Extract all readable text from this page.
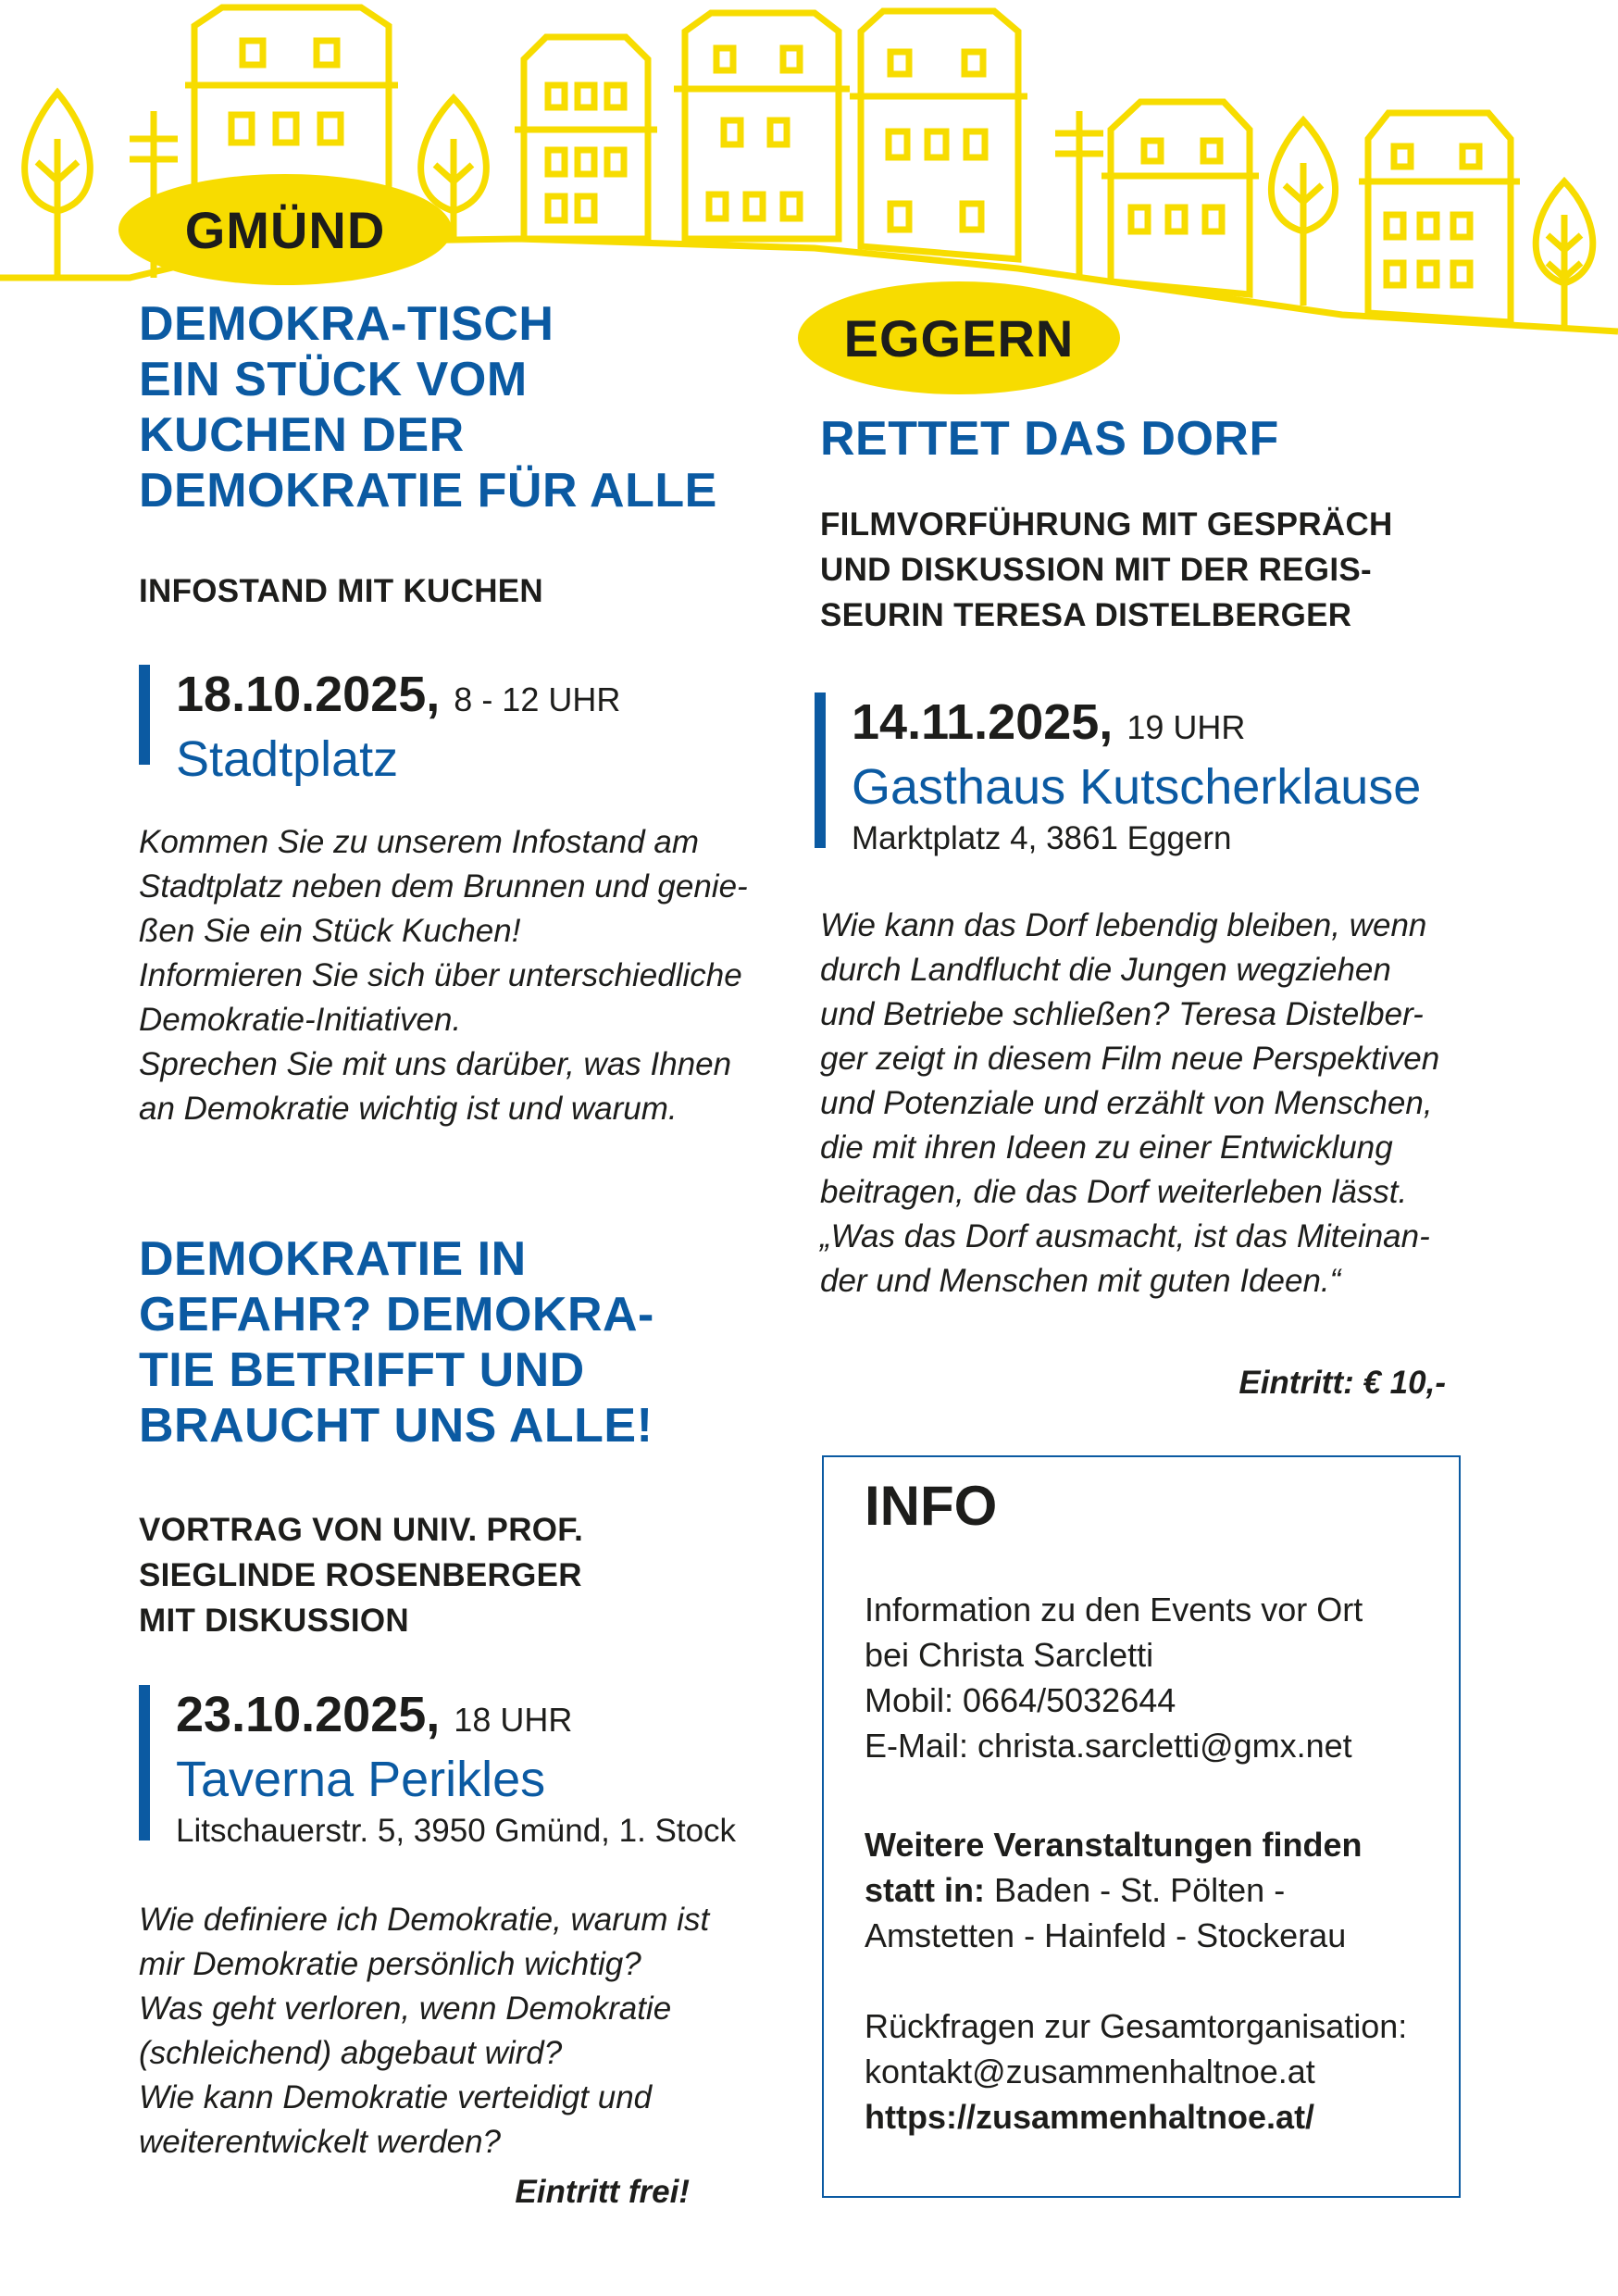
GMÜND
DEMOKRA-TISCH
EIN STÜCK VOM
KUCHEN DER
DEMOKRATIE FÜR ALLE

INFOSTAND MIT KUCHEN

18.10.2025, 8 - 12 UHR
Stadtplatz

Kommen Sie zu unserem Infostand am
Stadtplatz neben dem Brunnen und genie-
ßen Sie ein Stück Kuchen!
Informieren Sie sich über unterschiedliche
Demokratie-Initiativen.
Sprechen Sie mit uns darüber, was Ihnen
an Demokratie wichtig ist und warum.

DEMOKRATIE IN
GEFAHR? DEMOKRA-
TIE BETRIFFT UND
BRAUCHT UNS ALLE!

VORTRAG VON UNIV. PROF.
SIEGLINDE ROSENBERGER
MIT DISKUSSION

23.10.2025, 18 UHR
Taverna Perikles
Litschauerstr. 5, 3950 Gmünd, 1. Stock

Wie definiere ich Demokratie, warum ist
mir Demokratie persönlich wichtig?
Was geht verloren, wenn Demokratie
(schleichend) abgebaut wird?
Wie kann Demokratie verteidigt und
weiterentwickelt werden?

Eintritt frei!
EGGERN
RETTET DAS DORF

FILMVORFÜHRUNG MIT GESPRÄCH
UND DISKUSSION MIT DER REGIS-
SEURIN TERESA DISTELBERGER

14.11.2025, 19 UHR
Gasthaus Kutscherklause
Marktplatz 4, 3861 Eggern

Wie kann das Dorf lebendig bleiben, wenn
durch Landflucht die Jungen wegziehen
und Betriebe schließen? Teresa Distelber-
ger zeigt in diesem Film neue Perspektiven
und Potenziale und erzählt von Menschen,
die mit ihren Ideen zu einer Entwicklung
beitragen, die das Dorf weiterleben lässt.
„Was das Dorf ausmacht, ist das Miteinan-
der und Menschen mit guten Ideen.“

Eintritt: € 10,-
INFO
Information zu den Events vor Ort
bei Christa Sarcletti
Mobil: 0664/5032644
E-Mail: christa.sarcletti@gmx.net
Weitere Veranstaltungen finden
statt in: Baden - St. Pölten -
Amstetten - Hainfeld - Stockerau
Rückfragen zur Gesamtorganisation:
kontakt@zusammenhaltnoe.at
https://zusammenhaltnoe.at/
